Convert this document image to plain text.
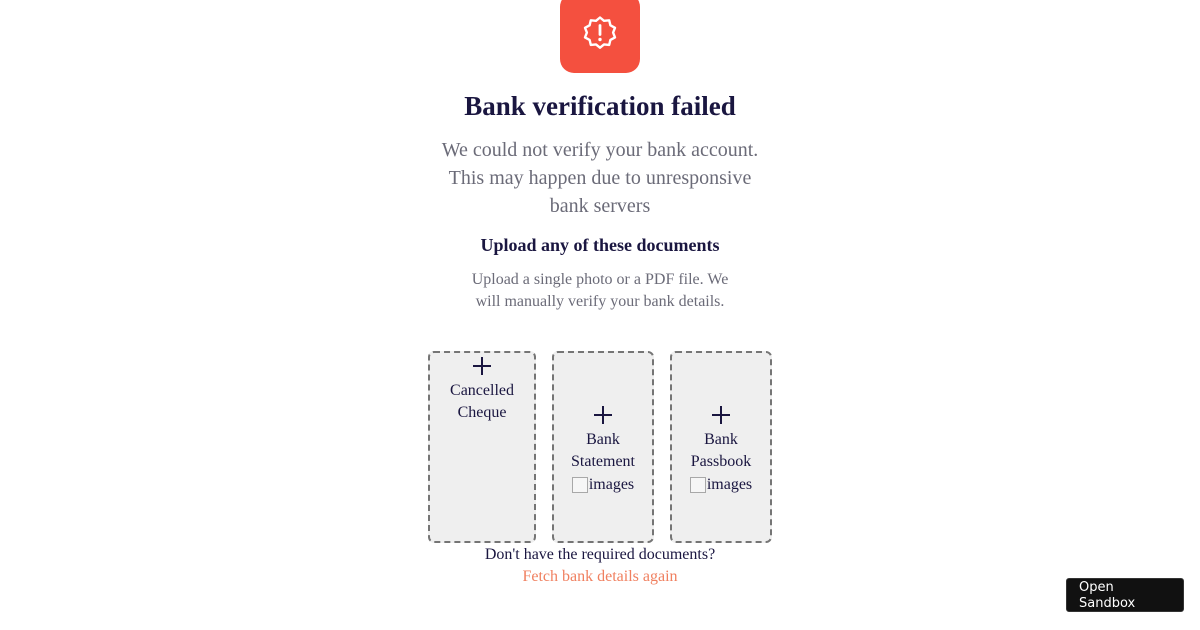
Bank verification failed
We could not verify your bank account. This may happen due to unresponsive bank servers
Upload any of these documents
Upload a single photo or a PDF file. We will manually verify your bank details.
Cancelled Cheque
Bank Statement
images
Bank Passbook
images
Don't have the required documents?
Fetch bank details again
Open Sandbox
